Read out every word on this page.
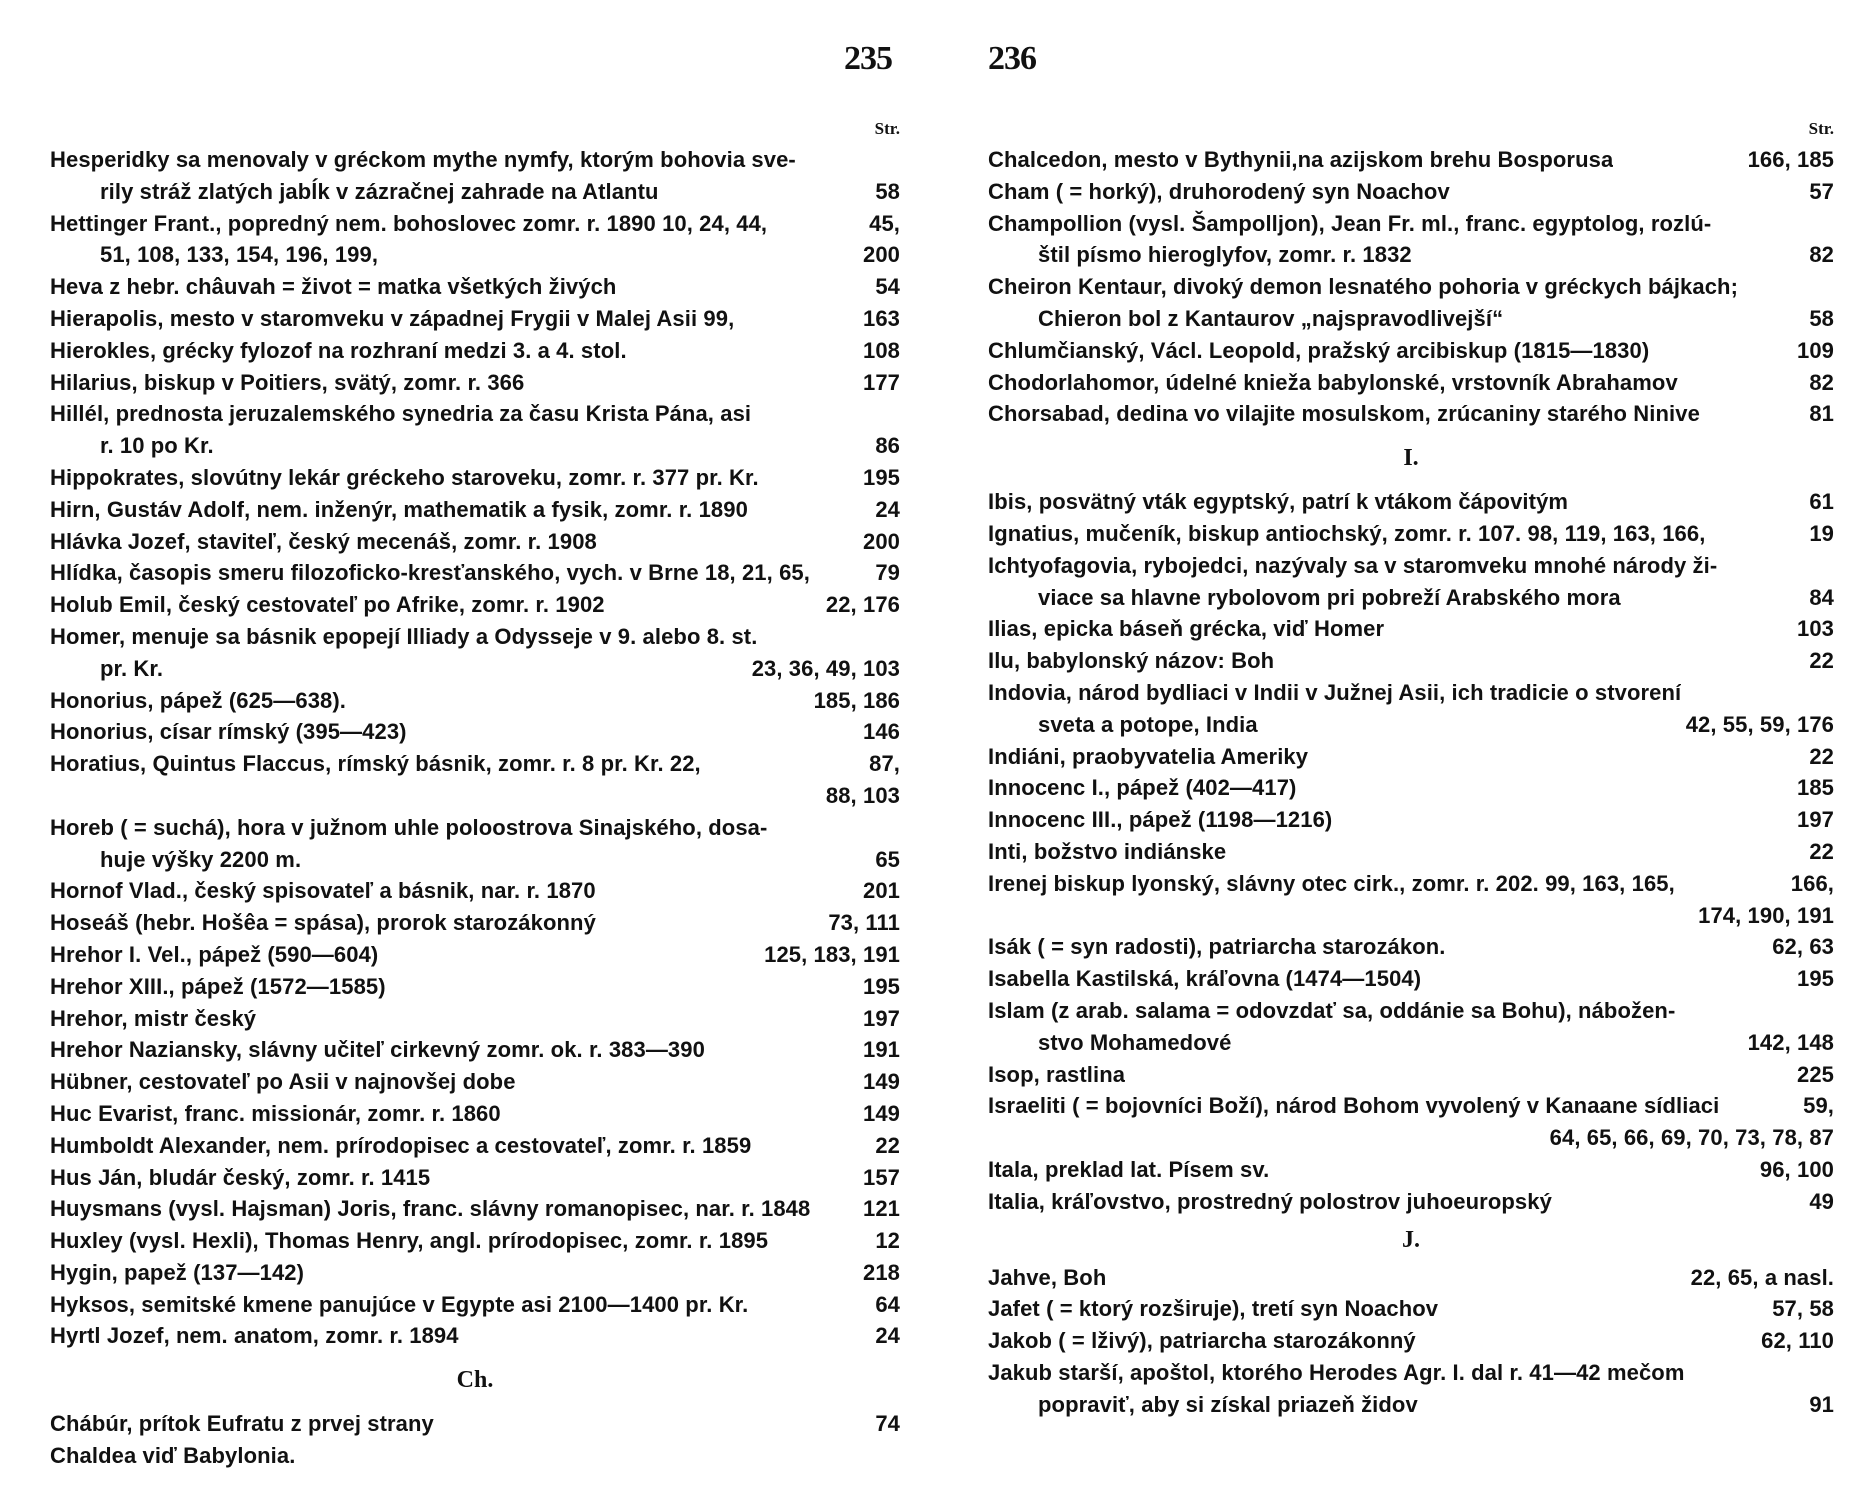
235
Str.
Hesperidky sa menovaly v gréckom mythe nymfy, ktorým bohovia sve-
rily stráž zlatých jabĺk v zázračnej zahrade na Atlantu	58
Hettinger Frant., popredný nem. bohoslovec zomr. r. 1890 10, 24, 44,	45,
51, 108, 133, 154, 196, 199,	200
Heva z hebr. châuvah = život = matka všetkých živých	54
Hierapolis, mesto v staromveku v západnej Frygii v Malej Asii 99,	163
Hierokles, grécky fylozof na rozhraní medzi 3. a 4. stol.	108
Hilarius, biskup v Poitiers, svätý, zomr. r. 366	177
Hillél, prednosta jeruzalemského synedria za času Krista Pána, asi
r. 10 po Kr.	86
Hippokrates, slovútny lekár gréckeho staroveku, zomr. r. 377 pr. Kr.	195
Hirn, Gustáv Adolf, nem. inženýr, mathematik a fysik, zomr. r. 1890	24
Hlávka Jozef, staviteľ, český mecenáš, zomr. r. 1908	200
Hlídka, časopis smeru filozoficko-kresťanského, vych. v Brne 18, 21, 65,	79
Holub Emil, český cestovateľ po Afrike, zomr. r. 1902	22, 176
Homer, menuje sa básnik epopejí Illiady a Odysseje v 9. alebo 8. st.
pr. Kr.	23, 36, 49, 103
Honorius, pápež (625—638).	185, 186
Honorius, císar rímský (395—423)	146
Horatius, Quintus Flaccus, rímský básnik, zomr. r. 8 pr. Kr. 22,	87,
88, 103
Horeb ( = suchá), hora v južnom uhle poloostrova Sinajského, dosa-
huje výšky 2200 m.	65
Hornof Vlad., český spisovateľ a básnik, nar. r. 1870	201
Hoseáš (hebr. Hošêa = spása), prorok starozákonný	73, 111
Hrehor I. Vel., pápež (590—604)	125, 183, 191
Hrehor XIII., pápež (1572—1585)	195
Hrehor, mistr český	197
Hrehor Naziansky, slávny učiteľ cirkevný zomr. ok. r. 383—390	191
Hübner, cestovateľ po Asii v najnovšej dobe	149
Huc Evarist, franc. missionár, zomr. r. 1860	149
Humboldt Alexander, nem. prírodopisec a cestovateľ, zomr. r. 1859	22
Hus Ján, bludár český, zomr. r. 1415	157
Huysmans (vysl. Hajsman) Joris, franc. slávny romanopisec, nar. r. 1848	121
Huxley (vysl. Hexli), Thomas Henry, angl. prírodopisec, zomr. r. 1895	12
Hygin, papež (137—142)	218
Hyksos, semitské kmene panujúce v Egypte asi 2100—1400 pr. Kr.	64
Hyrtl Jozef, nem. anatom, zomr. r. 1894	24
Ch.
Chábúr, prítok Eufratu z prvej strany	74
Chaldea viď Babylonia.
236
Str.
Chalcedon, mesto v Bythynii,na azijskom brehu Bosporusa	166, 185
Cham ( = horký), druhorodený syn Noachov	57
Champollion (vysl. Šampolljon), Jean Fr. ml., franc. egyptolog, rozlú-
štil písmo hieroglyfov, zomr. r. 1832	82
Cheiron Kentaur, divoký demon lesnatého pohoria v gréckych bájkach;
Chieron bol z Kantaurov „najspravodlivejší“	58
Chlumčianský, Václ. Leopold, pražský arcibiskup (1815—1830)	109
Chodorlahomor, údelné knieža babylonské, vrstovník Abrahamov	82
Chorsabad, dedina vo vilajite mosulskom, zrúcaniny starého Ninive	81
I.
Ibis, posvätný vták egyptský, patrí k vtákom čápovitým	61
Ignatius, mučeník, biskup antiochský, zomr. r. 107. 98, 119, 163, 166,	19
Ichtyofagovia, rybojedci, nazývaly sa v staromveku mnohé národy ži-
viace sa hlavne rybolovom pri pobreží Arabského mora	84
Ilias, epicka báseň grécka, viď Homer	103
Ilu, babylonský názov: Boh	22
Indovia, národ bydliaci v Indii v Južnej Asii, ich tradicie o stvorení
sveta a potope, India	42, 55, 59, 176
Indiáni, praobyvatelia Ameriky	22
Innocenc I., pápež (402—417)	185
Innocenc III., pápež (1198—1216)	197
Inti, božstvo indiánske	22
Irenej biskup lyonský, slávny otec cirk., zomr. r. 202. 99, 163, 165,	166,
174, 190, 191
Isák ( = syn radosti), patriarcha starozákon.	62, 63
Isabella Kastilská, kráľovna (1474—1504)	195
Islam (z arab. salama = odovzdať sa, oddánie sa Bohu), nábožen-
stvo Mohamedové	142, 148
Isop, rastlina	225
Israeliti ( = bojovníci Boží), národ Bohom vyvolený v Kanaane sídliaci	59,
64, 65, 66, 69, 70, 73, 78, 87
Itala, preklad lat. Písem sv.	96, 100
Italia, kráľovstvo, prostredný polostrov juhoeuropský	49
J.
Jahve, Boh	22, 65, a nasl.
Jafet ( = ktorý rozširuje), tretí syn Noachov	57, 58
Jakob ( = lživý), patriarcha starozákonný	62, 110
Jakub starší, apoštol, ktorého Herodes Agr. I. dal r. 41—42 mečom
popraviť, aby si získal priazeň židov	91
